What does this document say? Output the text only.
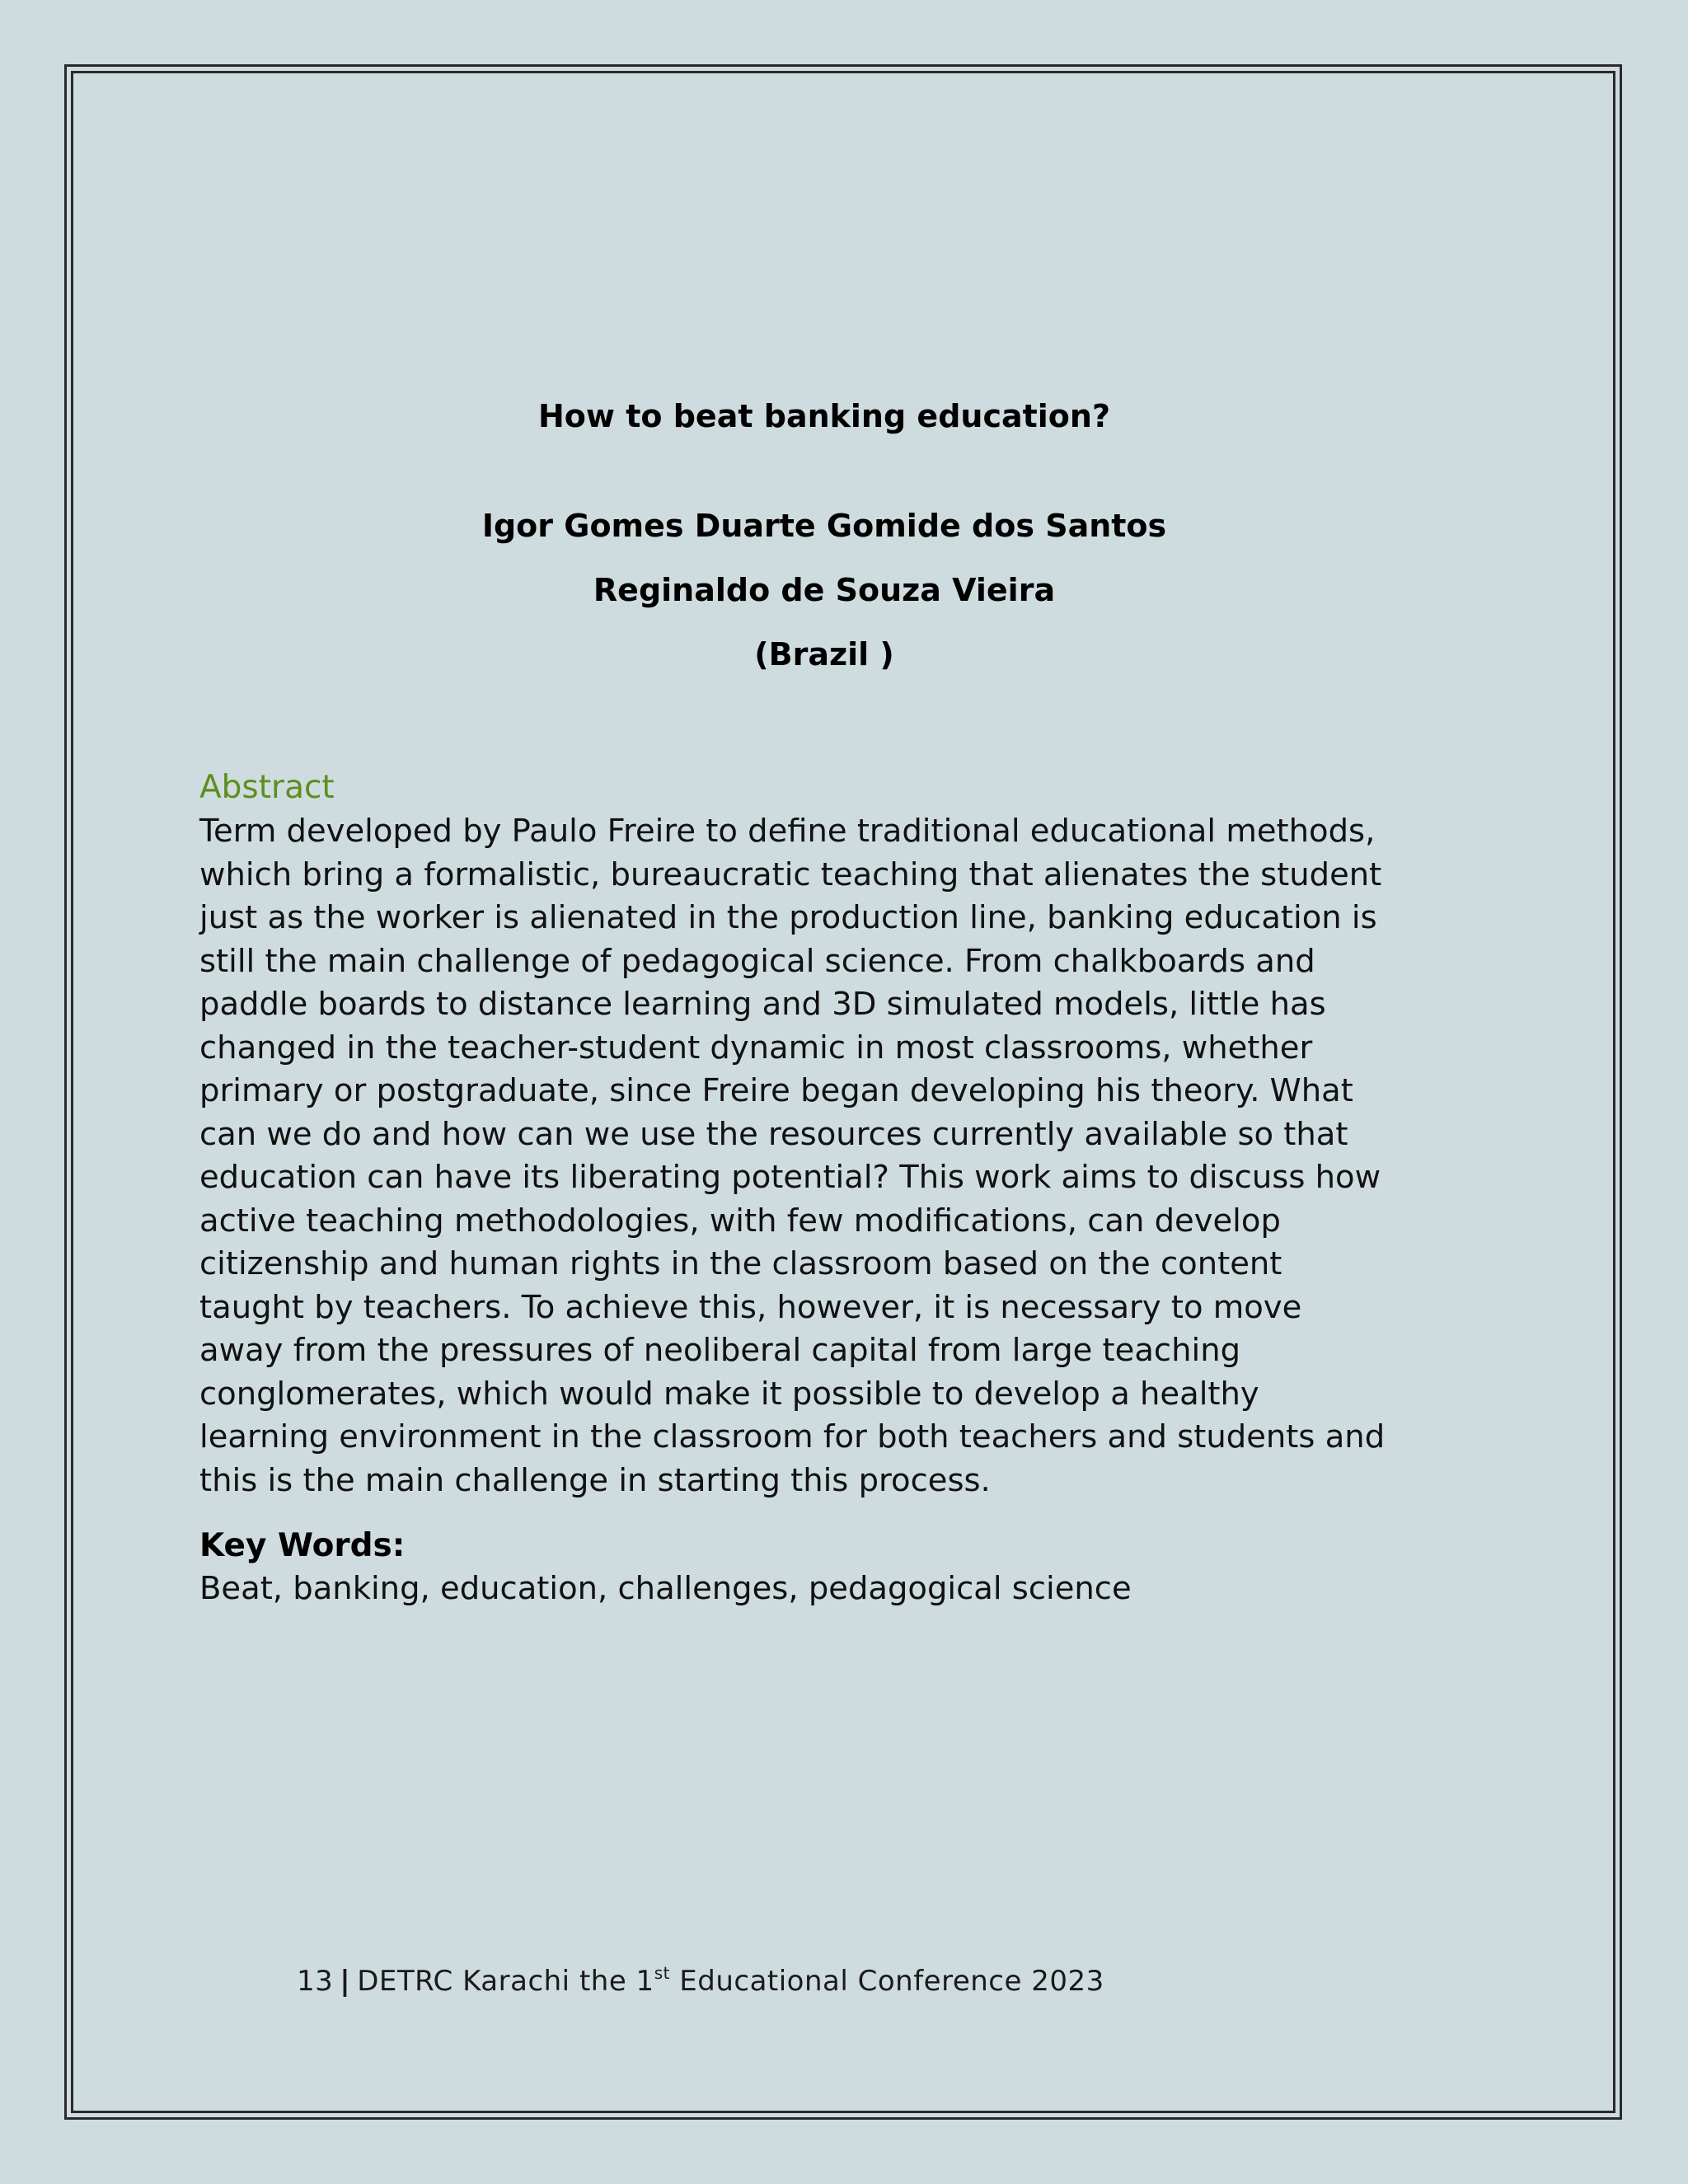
How to beat banking education?
Igor Gomes Duarte Gomide dos Santos
Reginaldo de Souza Vieira
(Brazil )
Abstract
Term developed by Paulo Freire to define traditional educational methods, which bring a formalistic, bureaucratic teaching that alienates the student just as the worker is alienated in the production line, banking education is still the main challenge of pedagogical science. From chalkboards and paddle boards to distance learning and 3D simulated models, little has changed in the teacher-student dynamic in most classrooms, whether primary or postgraduate, since Freire began developing his theory. What can we do and how can we use the resources currently available so that education can have its liberating potential? This work aims to discuss how active teaching methodologies, with few modifications, can develop citizenship and human rights in the classroom based on the content taught by teachers. To achieve this, however, it is necessary to move away from the pressures of neoliberal capital from large teaching conglomerates, which would make it possible to develop a healthy learning environment in the classroom for both teachers and students and this is the main challenge in starting this process.
Key Words:
Beat, banking, education, challenges, pedagogical science
13 | DETRC Karachi the 1st Educational Conference 2023
